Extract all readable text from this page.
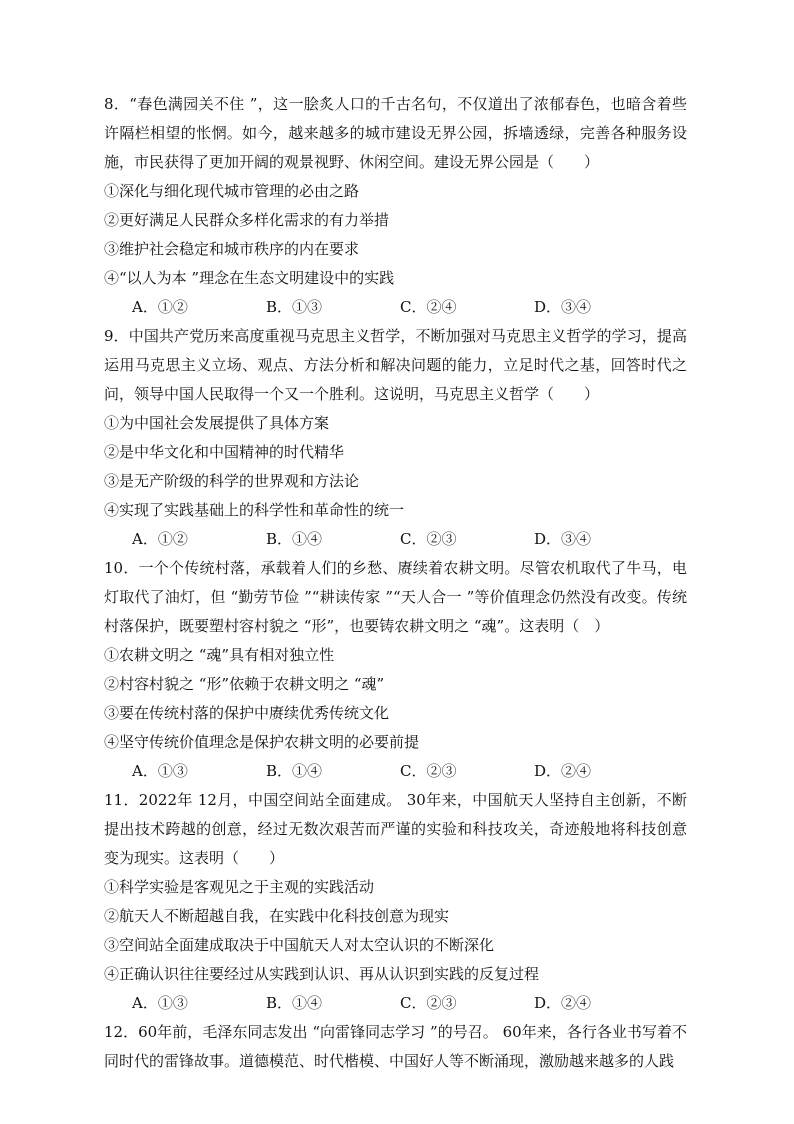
8．“春色满园关不住 ”，这一脍炙人口的千古名句，不仅道出了浓郁春色，也暗含着些许隔栏相望的怅惘。如今，越来越多的城市建设无界公园，拆墙透绿，完善各种服务设施，市民获得了更加开阔的观景视野、休闲空间。建设无界公园是（　　）

①深化与细化现代城市管理的必由之路

②更好满足人民群众多样化需求的有力举措

③维护社会稳定和城市秩序的内在要求

④“以人为本 ”理念在生态文明建设中的实践

A．①②	B．①③	C．②④	D．③④

9．中国共产党历来高度重视马克思主义哲学，不断加强对马克思主义哲学的学习，提高运用马克思主义立场、观点、方法分析和解决问题的能力，立足时代之基，回答时代之问，领导中国人民取得一个又一个胜利。这说明，马克思主义哲学（　　）

①为中国社会发展提供了具体方案

②是中华文化和中国精神的时代精华

③是无产阶级的科学的世界观和方法论

④实现了实践基础上的科学性和革命性的统一

A．①②	B．①④	C．②③	D．③④

10．一个个传统村落，承载着人们的乡愁、赓续着农耕文明。尽管农机取代了牛马，电灯取代了油灯，但 “勤劳节俭 ”“耕读传家 ”“天人合一 ”等价值理念仍然没有改变。传统村落保护，既要塑村容村貌之 “形”，也要铸农耕文明之 “魂”。这表明（　）

①农耕文明之 “魂”具有相对独立性

②村容村貌之 “形”依赖于农耕文明之 “魂”

③要在传统村落的保护中赓续优秀传统文化

④坚守传统价值理念是保护农耕文明的必要前提

A．①③	B．①④	C．②③	D．②④

11．2022年 12月，中国空间站全面建成。 30年来，中国航天人坚持自主创新，不断提出技术跨越的创意，经过无数次艰苦而严谨的实验和科技攻关，奇迹般地将科技创意变为现实。这表明（　　）

①科学实验是客观见之于主观的实践活动

②航天人不断超越自我，在实践中化科技创意为现实

③空间站全面建成取决于中国航天人对太空认识的不断深化

④正确认识往往要经过从实践到认识、再从认识到实践的反复过程

A．①③	B．①④	C．②③	D．②④

12．60年前，毛泽东同志发出 “向雷锋同志学习 ”的号召。 60年来，各行各业书写着不同时代的雷锋故事。道德模范、时代楷模、中国好人等不断涌现，激励越来越多的人践
